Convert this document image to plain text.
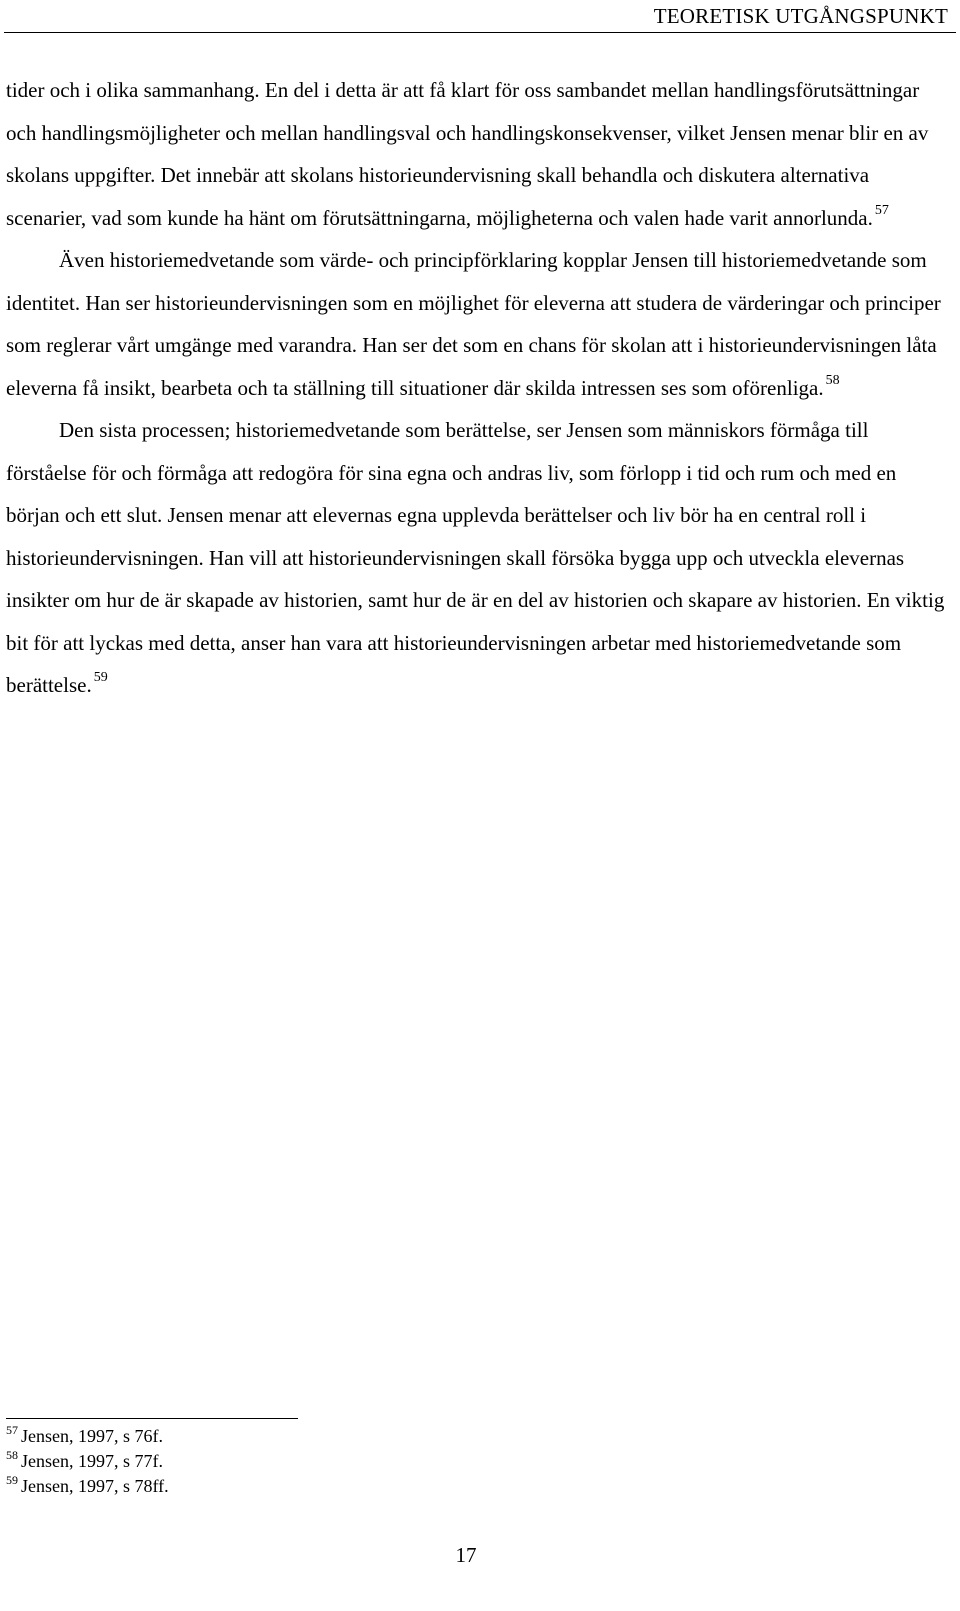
TEORETISK UTGÅNGSPUNKT

tider och i olika sammanhang. En del i detta är att få klart för oss sambandet mellan handlingsförutsättningar och handlingsmöjligheter och mellan handlingsval och handlingskonsekvenser, vilket Jensen menar blir en av skolans uppgifter. Det innebär att skolans historieundervisning skall behandla och diskutera alternativa scenarier, vad som kunde ha hänt om förutsättningarna, möjligheterna och valen hade varit annorlunda. $^{57}$

Även historiemedvetande som värde- och principförklaring kopplar Jensen till historiemedvetande som identitet. Han ser historieundervisningen som en möjlighet för eleverna att studera de värderingar och principer som reglerar vårt umgänge med varandra. Han ser det som en chans för skolan att i historieundervisningen låta eleverna få insikt, bearbeta och ta ställning till situationer där skilda intressen ses som oförenliga. $^{58}$

Den sista processen; historiemedvetande som berättelse, ser Jensen som människors förmåga till förståelse för och förmåga att redogöra för sina egna och andras liv, som förlopp i tid och rum och med en början och ett slut. Jensen menar att elevernas egna upplevda berättelser och liv bör ha en central roll i historieundervisningen. Han vill att historieundervisningen skall försöka bygga upp och utveckla elevernas insikter om hur de är skapade av historien, samt hur de är en del av historien och skapare av historien. En viktig bit för att lyckas med detta, anser han vara att historieundervisningen arbetar med historiemedvetande som berättelse. $^{59}$

57 Jensen, 1997, s 76f.
58 Jensen, 1997, s 77f.
59 Jensen, 1997, s 78ff.
17
